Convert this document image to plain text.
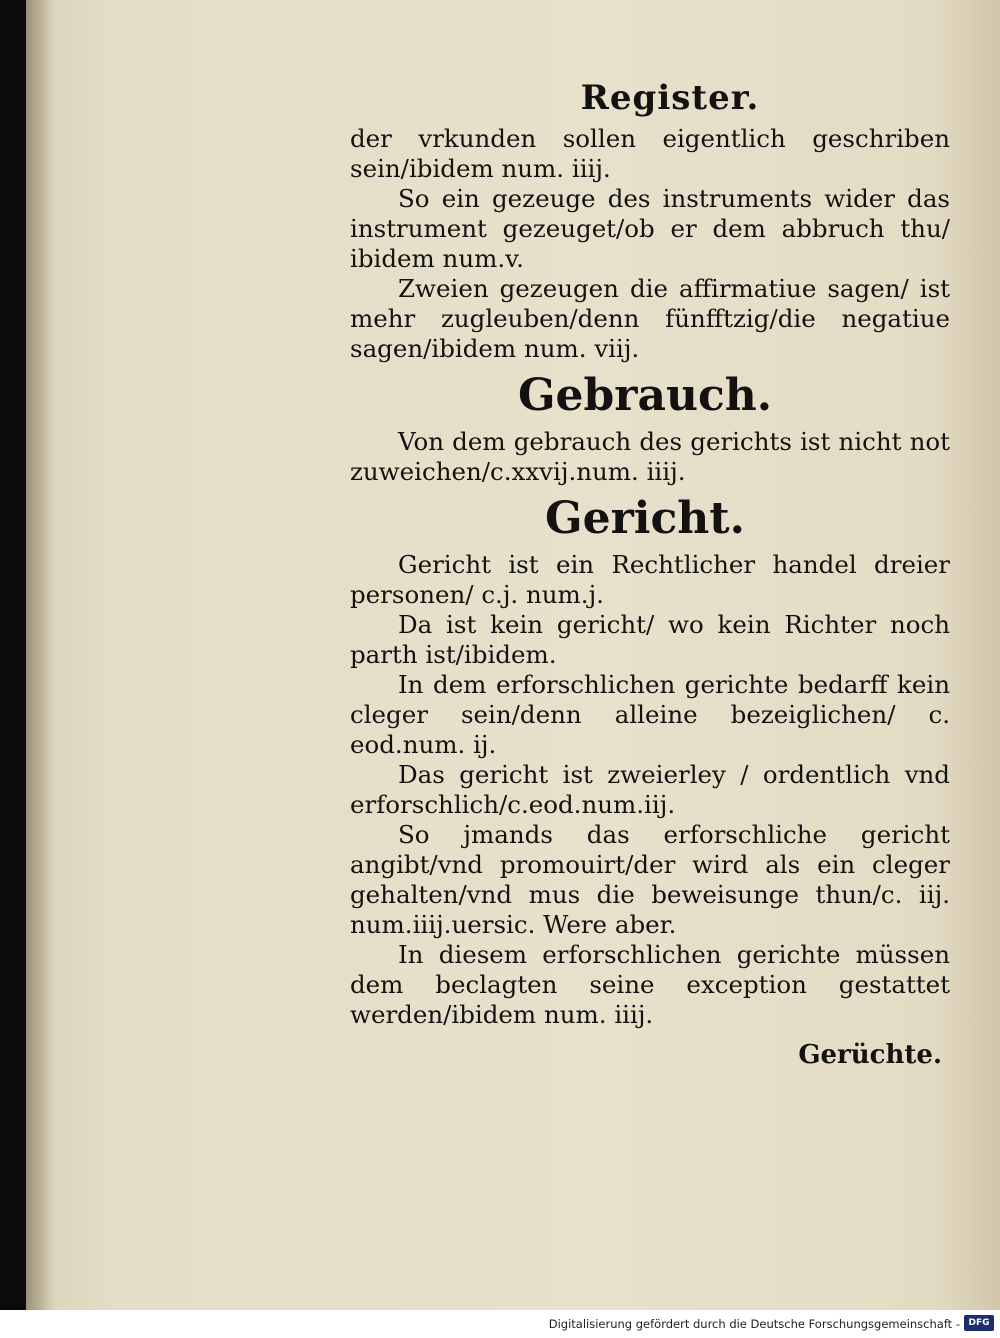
Register.

der vrkunden sollen eigentlich geschriben sein/ibidem num. iiij.

So ein gezeuge des instruments wider das instrument gezeuget/ob er dem abbruch thu/ ibidem num.v.

Zweien gezeugen die affirmatiue sagen/ ist mehr zugleuben/denn fünfftzig/die negatiue sagen/ibidem num. viij.

Gebrauch.

Von dem gebrauch des gerichts ist nicht not zuweichen/c.xxvij.num. iiij.

Gericht.

Gericht ist ein Rechtlicher handel dreier personen/ c.j. num.j.

Da ist kein gericht/ wo kein Richter noch parth ist/ibidem.

In dem erforschlichen gerichte bedarff kein cleger sein/denn alleine bezeiglichen/ c. eod.num. ij.

Das gericht ist zweierley / ordentlich vnd erforschlich/c.eod.num.iij.

So jmands das erforschliche gericht angibt/vnd promouirt/der wird als ein cleger gehalten/vnd mus die beweisunge thun/c. iij. num.iiij.uersic. Were aber.

In diesem erforschlichen gerichte müssen dem beclagten seine exception gestattet werden/ibidem num. iiij.

Gerüchte.
Digitalisierung gefördert durch die Deutsche Forschungsgemeinschaft - DFG
